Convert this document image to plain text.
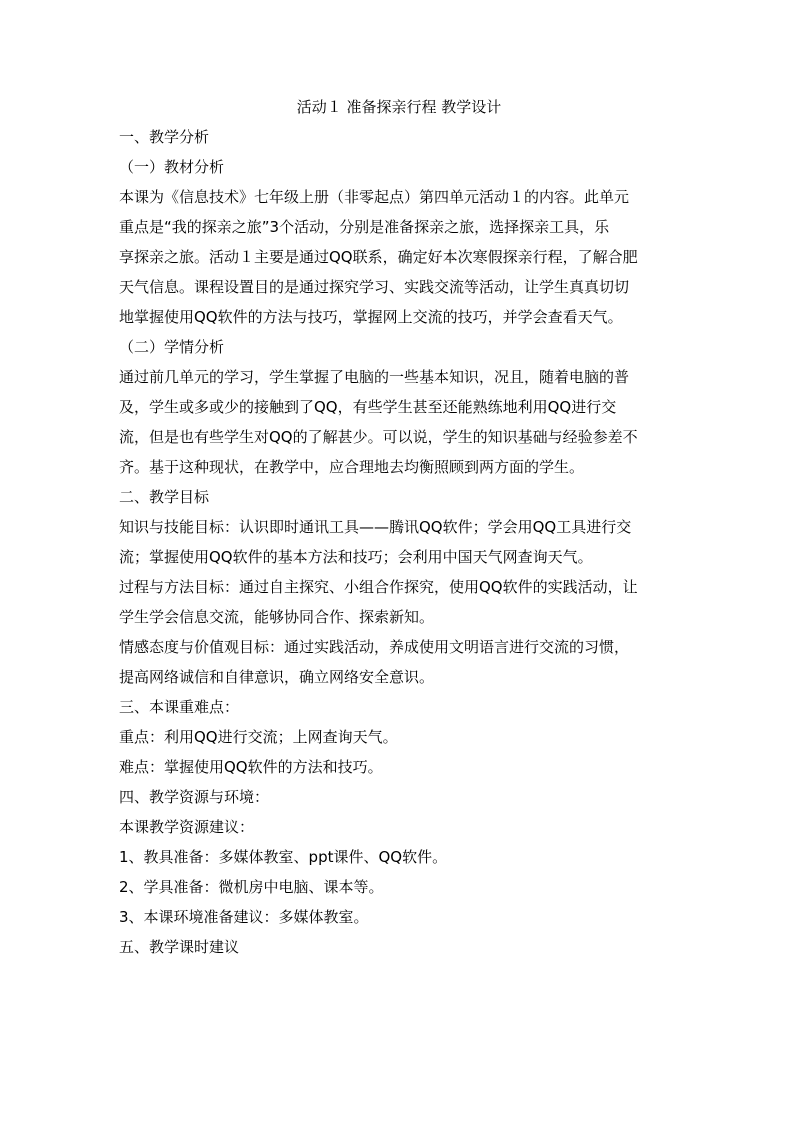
活动１ 准备探亲行程 教学设计
一、教学分析
（一）教材分析
本课为《信息技术》七年级上册（非零起点）第四单元活动１的内容。此单元
重点是“我的探亲之旅”3个活动，分别是准备探亲之旅，选择探亲工具，乐
享探亲之旅。活动１主要是通过QQ联系，确定好本次寒假探亲行程，了解合肥
天气信息。课程设置目的是通过探究学习、实践交流等活动，让学生真真切切
地掌握使用QQ软件的方法与技巧，掌握网上交流的技巧，并学会查看天气。
（二）学情分析
通过前几单元的学习，学生掌握了电脑的一些基本知识，况且，随着电脑的普
及，学生或多或少的接触到了QQ，有些学生甚至还能熟练地利用QQ进行交
流，但是也有些学生对QQ的了解甚少。可以说，学生的知识基础与经验参差不
齐。基于这种现状，在教学中，应合理地去均衡照顾到两方面的学生。
二、教学目标
知识与技能目标：认识即时通讯工具——腾讯QQ软件；学会用QQ工具进行交
流；掌握使用QQ软件的基本方法和技巧；会利用中国天气网查询天气。
过程与方法目标：通过自主探究、小组合作探究，使用QQ软件的实践活动，让
学生学会信息交流，能够协同合作、探索新知。
情感态度与价值观目标：通过实践活动，养成使用文明语言进行交流的习惯，
提高网络诚信和自律意识，确立网络安全意识。
三、本课重难点：
重点：利用QQ进行交流；上网查询天气。
难点：掌握使用QQ软件的方法和技巧。
四、教学资源与环境：
本课教学资源建议：
1、教具准备：多媒体教室、ppt课件、QQ软件。
2、学具准备：微机房中电脑、课本等。
3、本课环境准备建议：多媒体教室。
五、教学课时建议
